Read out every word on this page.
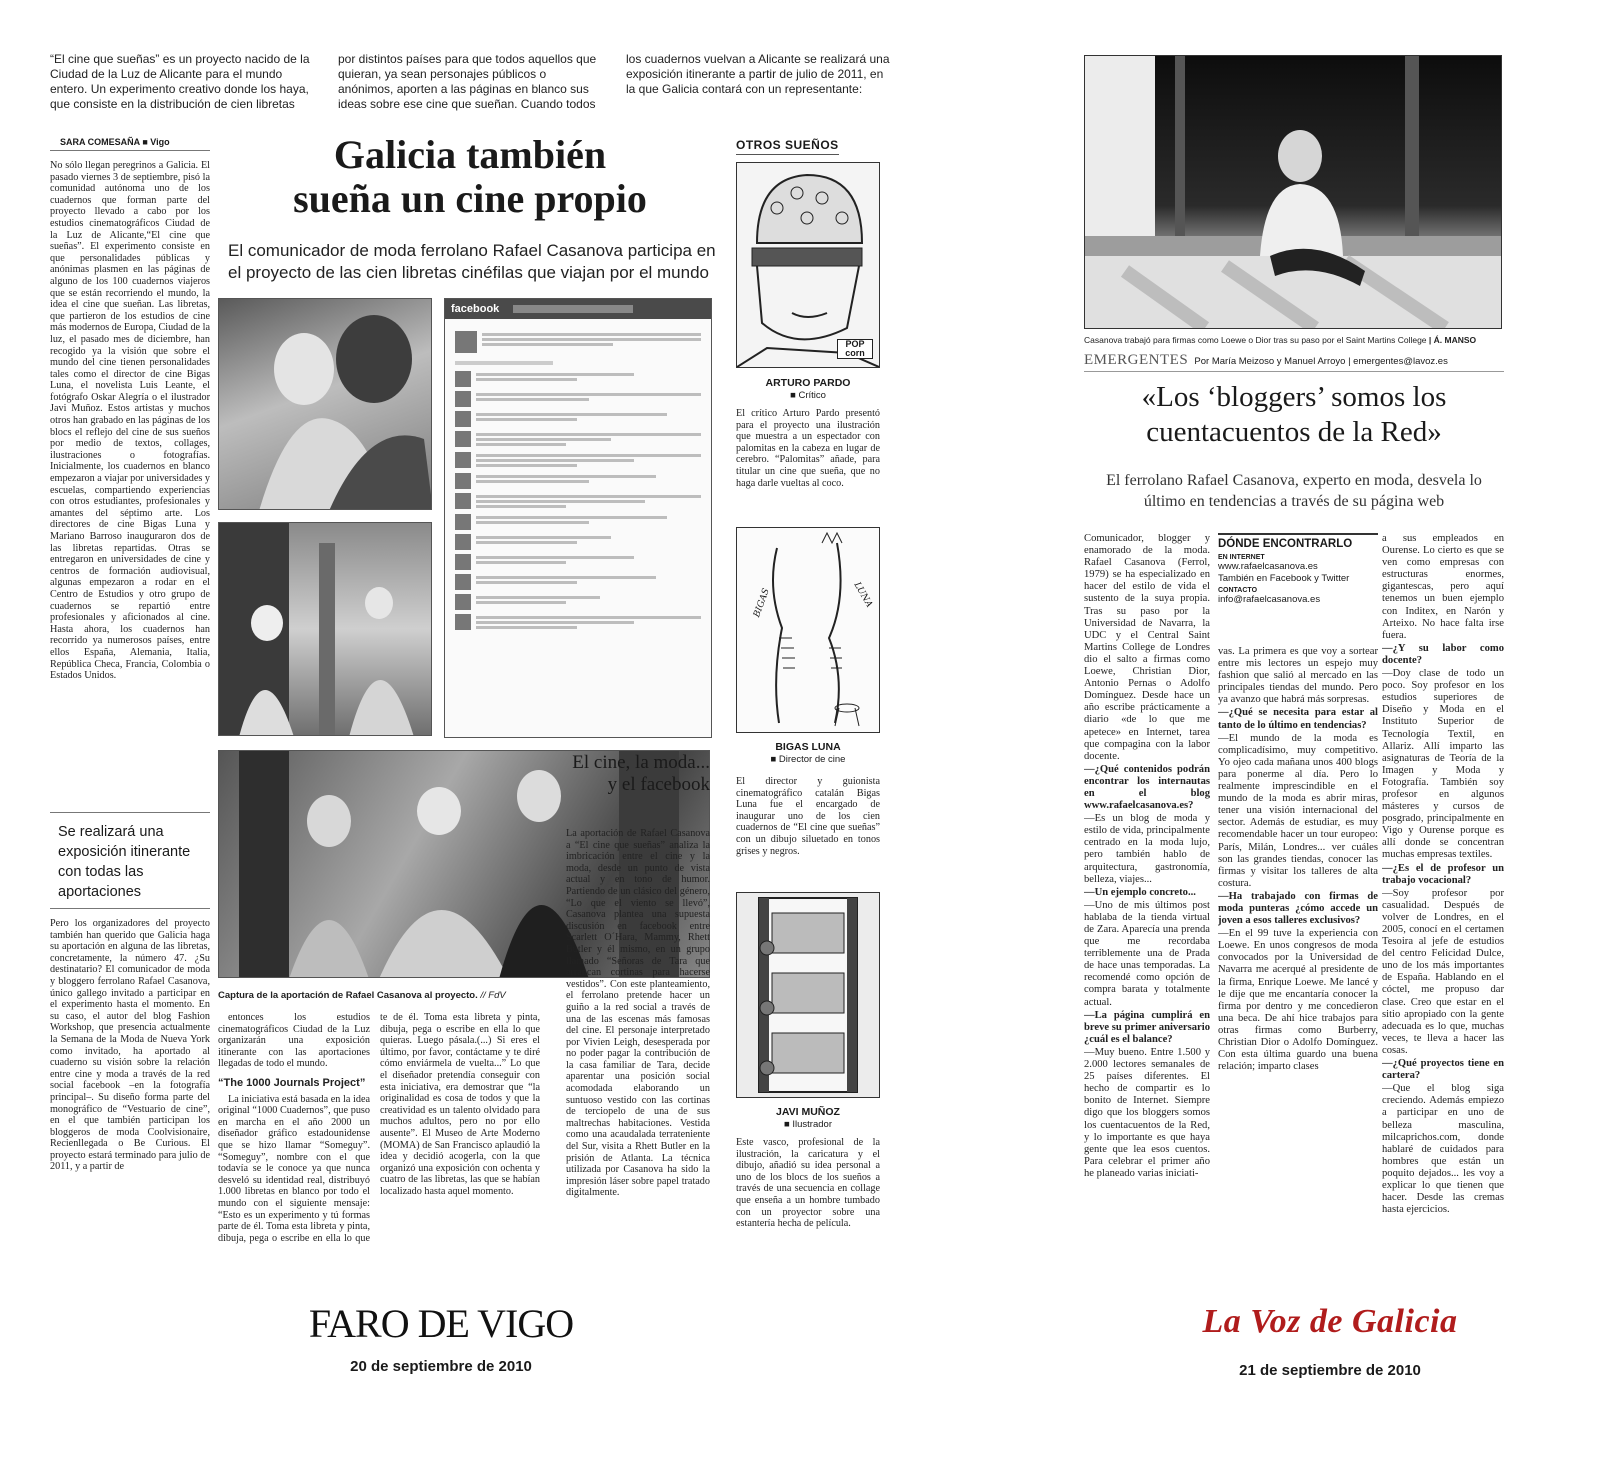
“El cine que sueñas” es un proyecto nacido de la Ciudad de la Luz de Alicante para el mundo entero. Un experimento creativo donde los haya, que consiste en la distribución de cien libretas por distintos países para que todos aquellos que quieran, ya sean personajes públicos o anónimos, aporten a las páginas en blanco sus ideas sobre ese cine que sueñan. Cuando todos los cuadernos vuelvan a Alicante se realizará una exposición itinerante a partir de julio de 2011, en la que Galicia contará con un representante:
SARA COMESAÑA ■ Vigo	Galicia también
sueña un cine propio
El comunicador de moda ferrolano Rafael Casanova participa en el proyecto de las cien libretas cinéfilas que viajan por el mundo
No sólo llegan peregrinos a Galicia. El pasado viernes 3 de septiembre, pisó la comunidad autónoma uno de los cuadernos que forman parte del proyecto llevado a cabo por los estudios cinematográficos Ciudad de la Luz de Alicante,“El cine que sueñas”. El experimento consiste en que personalidades públicas y anónimas plasmen en las páginas de alguno de los 100 cuadernos viajeros que se están recorriendo el mundo, la idea el cine que sueñan. Las libretas, que partieron de los estudios de cine más modernos de Europa, Ciudad de la luz, el pasado mes de diciembre, han recogido ya la visión que sobre el mundo del cine tienen personalidades tales como el director de cine Bigas Luna, el novelista Luis Leante, el fotógrafo Oskar Alegría o el ilustrador Javi Muñoz. Estos artistas y muchos otros han grabado en las páginas de los blocs el reflejo del cine de sus sueños por medio de textos, collages, ilustraciones o fotografías. Inicialmente, los cuadernos en blanco empezaron a viajar por universidades y escuelas, compartiendo experiencias con otros estudiantes, profesionales y amantes del séptimo arte. Los directores de cine Bigas Luna y Mariano Barroso inauguraron dos de las libretas repartidas. Otras se entregaron en universidades de cine y centros de formación audiovisual, algunas empezaron a rodar en el Centro de Estudios y otro grupo de cuadernos se repartió entre profesionales y aficionados al cine. Hasta ahora, los cuadernos han recorrido ya numerosos países, entre ellos España, Alemania, Italia, República Checa, Francia, Colombia o Estados Unidos.
Se realizará una exposición itinerante con todas las aportaciones
Pero los organizadores del proyecto también han querido que Galicia haga su aportación en alguna de las libretas, concretamente, la número 47. ¿Su destinatario? El comunicador de moda y bloggero ferrolano Rafael Casanova, único gallego invitado a participar en el experimento hasta el momento. En su caso, el autor del blog Fashion Workshop, que presencia actualmente la Semana de la Moda de Nueva York como invitado, ha aportado al cuaderno su visión sobre la relación entre cine y moda a través de la red social facebook –en la fotografía principal–. Su diseño forma parte del monográfico de “Vestuario de cine”, en el que también participan los bloggeros de moda Coolvisionaire, Recienllegada o Be Curious. El proyecto estará terminado para julio de 2011, y a partir de
facebook
Captura de la aportación de Rafael Casanova al proyecto. // FdV

entonces los estudios cinematográficos Ciudad de la Luz organizarán una exposición itinerante con las aportaciones llegadas de todo el mundo.

“The 1000 Journals Project”

La iniciativa está basada en la idea original “1000 Cuadernos”, que puso en marcha en el año 2000 un diseñador gráfico estadounidense que se hizo llamar “Someguy”. “Someguy”, nombre con el que todavía se le conoce ya que nunca desveló su identidad real, distribuyó 1.000 libretas en blanco por todo el mundo con el siguiente mensaje: “Esto es un experimento y tú formas parte de él. Toma esta libreta y pinta, dibuja, pega o escribe en ella lo que

te de él. Toma esta libreta y pinta, dibuja, pega o escribe en ella lo que quieras. Luego pásala.(...) Si eres el último, por favor, contáctame y te diré cómo enviármela de vuelta...” Lo que el diseñador pretendía conseguir con esta iniciativa, era demostrar que “la originalidad es cosa de todos y que la creatividad es un talento olvidado para muchos adultos, pero no por ello ausente”. El Museo de Arte Moderno (MOMA) de San Francisco aplaudió la idea y decidió acogerla, con la que organizó una exposición con ochenta y cuatro de las libretas, las que se habían localizado hasta aquel momento.

El cine, la moda... y el facebook
La aportación de Rafael Casanova a “El cine que sueñas” analiza la imbricación entre el cine y la moda, desde un punto de vista actual y en tono de humor. Partiendo de un clásico del género, “Lo que el viento se llevó”, Casanova plantea una supuesta discusión en facebook entre Scarlett O´Hara, Mammy, Rhett Butler y él mismo, en un grupo llamado “Señoras de Tara que arrancan cortinas para hacerse vestidos”. Con este planteamiento, el ferrolano pretende hacer un guiño a la red social a través de una de las escenas más famosas del cine. El personaje interpretado por Vivien Leigh, desesperada por no poder pagar la contribución de la casa familiar de Tara, decide aparentar una posición social acomodada elaborando un suntuoso vestido con las cortinas de terciopelo de una de sus maltrechas habitaciones. Vestida como una acaudalada terrateniente del Sur, visita a Rhett Butler en la prisión de Atlanta. La técnica utilizada por Casanova ha sido la impresión láser sobre papel tratado digitalmente.
OTROS SUEÑOS
POP corn
ARTURO PARDO
■ Crítico
El crítico Arturo Pardo presentó para el proyecto una ilustración que muestra a un espectador con palomitas en la cabeza en lugar de cerebro. “Palomitas” añade, para titular un cine que sueña, que no haga darle vueltas al coco.
BIGAS	LUNA
BIGAS LUNA
■ Director de cine
El director y guionista cinematográfico catalán Bigas Luna fue el encargado de inaugurar uno de los cien cuadernos de “El cine que sueñas” con un dibujo siluetado en tonos grises y negros.
JAVI MUÑOZ
■ Ilustrador
Este vasco, profesional de la ilustración, la caricatura y el dibujo, añadió su idea personal a uno de los blocs de los sueños a través de una secuencia en collage que enseña a un hombre tumbado con un proyector sobre una estantería hecha de película.
FARO DE VIGO
20 de septiembre de 2010
Casanova trabajó para firmas como Loewe o Dior tras su paso por el Saint Martins College | Á. MANSO
EMERGENTES Por María Meizoso y Manuel Arroyo | emergentes@lavoz.es
«Los ‘bloggers’ somos los
cuentacuentos de la Red»
El ferrolano Rafael Casanova, experto en moda, desvela lo último en tendencias a través de su página web

Comunicador, blogger y enamorado de la moda. Rafael Casanova (Ferrol, 1979) se ha especializado en hacer del estilo de vida el sustento de la suya propia. Tras su paso por la Universidad de Navarra, la UDC y el Central Saint Martins College de Londres dio el salto a firmas como Loewe, Christian Dior, Antonio Pernas o Adolfo Domínguez. Desde hace un año escribe prácticamente a diario «de lo que me apetece» en Internet, tarea que compagina con la labor docente.

—¿Qué contenidos podrán encontrar los internautas en el blog www.rafaelcasanova.es?

—Es un blog de moda y estilo de vida, principalmente centrado en la moda lujo, pero también hablo de arquitectura, gastronomía, belleza, viajes...

—Un ejemplo concreto...

—Uno de mis últimos post hablaba de la tienda virtual de Zara. Aparecía una prenda que me recordaba terriblemente una de Prada de hace unas temporadas. La recomendé como opción de compra barata y totalmente actual.

—La página cumplirá en breve su primer aniversario ¿cuál es el balance?

—Muy bueno. Entre 1.500 y 2.000 lectores semanales de 25 países diferentes. El hecho de compartir es lo bonito de Internet. Siempre digo que los bloggers somos los cuentacuentos de la Red, y lo importante es que haya gente que lea esos cuentos. Para celebrar el primer año he planeado varias iniciati-

DÓNDE ENCONTRARLO
EN INTERNET
www.rafaelcasanova.es
También en Facebook y Twitter
CONTACTO
info@rafaelcasanova.es

vas. La primera es que voy a sortear entre mis lectores un espejo muy fashion que salió al mercado en las principales tiendas del mundo. Pero ya avanzo que habrá más sorpresas.

—¿Qué se necesita para estar al tanto de lo último en tendencias?

—El mundo de la moda es complicadísimo, muy competitivo. Yo ojeo cada mañana unos 400 blogs para ponerme al día. Pero lo realmente imprescindible en el mundo de la moda es abrir miras, tener una visión internacional del sector. Además de estudiar, es muy recomendable hacer un tour europeo: París, Milán, Londres... ver cuáles son las grandes tiendas, conocer las firmas y visitar los talleres de alta costura.

—Ha trabajado con firmas de moda punteras ¿cómo accede un joven a esos talleres exclusivos?

—En el 99 tuve la experiencia con Loewe. En unos congresos de moda convocados por la Universidad de Navarra me acerqué al presidente de la firma, Enrique Loewe. Me lancé y le dije que me encantaría conocer la firma por dentro y me concedieron una beca. De ahí hice trabajos para otras firmas como Burberry, Christian Dior o Adolfo Domínguez. Con esta última guardo una buena relación; imparto clases

a sus empleados en Ourense. Lo cierto es que se ven como empresas con estructuras enormes, gigantescas, pero aquí tenemos un buen ejemplo con Inditex, en Narón y Arteixo. No hace falta irse fuera.

—¿Y su labor como docente?

—Doy clase de todo un poco. Soy profesor en los estudios superiores de Diseño y Moda en el Instituto Superior de Tecnología Textil, en Allariz. Allí imparto las asignaturas de Teoría de la Imagen y Moda y Fotografía. También soy profesor en algunos másteres y cursos de posgrado, principalmente en Vigo y Ourense porque es allí donde se concentran muchas empresas textiles.

—¿Es el de profesor un trabajo vocacional?

—Soy profesor por casualidad. Después de volver de Londres, en el 2005, conocí en el certamen Tesoira al jefe de estudios del centro Felicidad Dulce, uno de los más importantes de España. Hablando en el cóctel, me propuso dar clase. Creo que estar en el sitio apropiado con la gente adecuada es lo que, muchas veces, te lleva a hacer las cosas.

—¿Qué proyectos tiene en cartera?

—Que el blog siga creciendo. Además empiezo a participar en uno de belleza masculina, milcaprichos.com, donde hablaré de cuidados para hombres que están un poquito dejados... les voy a explicar lo que tienen que hacer. Desde las cremas hasta ejercicios.

La Voz de Galicia
21 de septiembre de 2010
